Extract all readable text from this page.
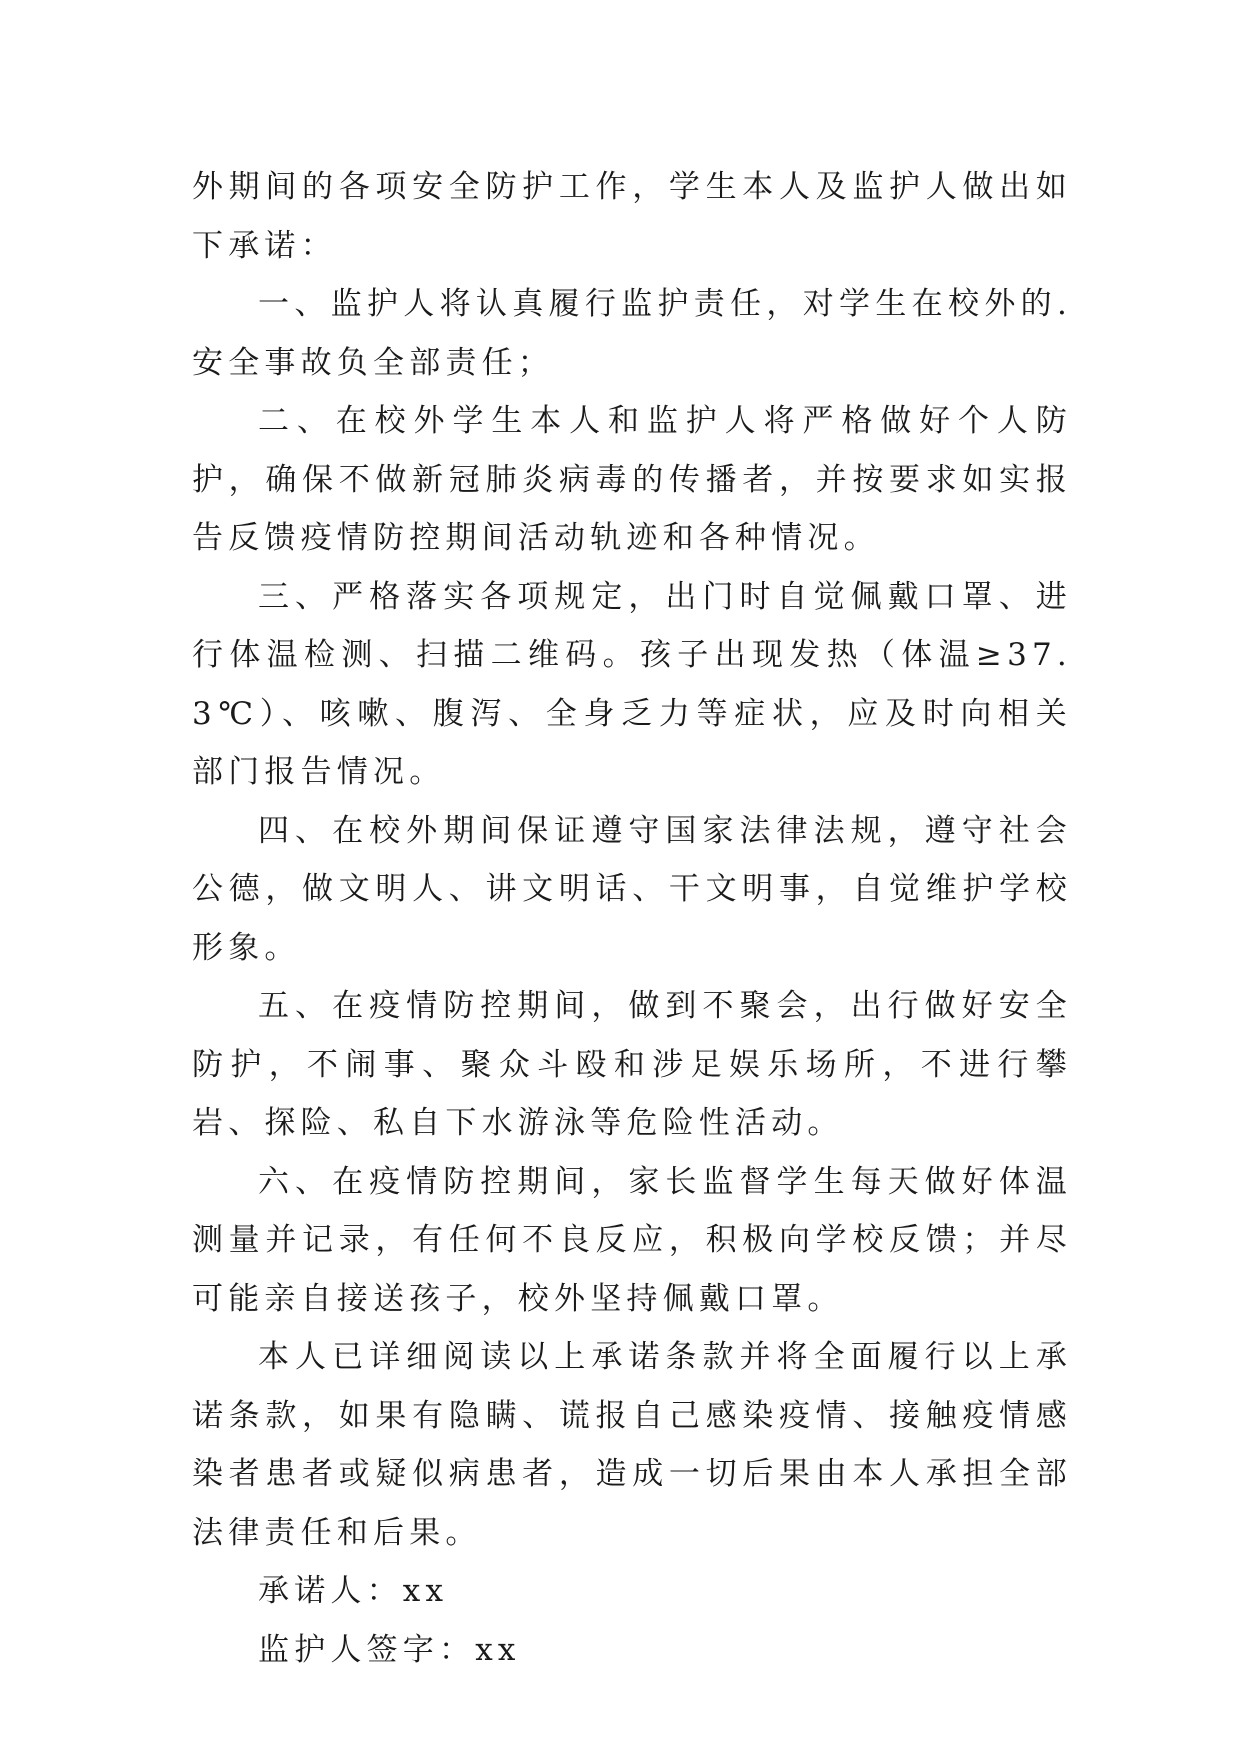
外期间的各项安全防护工作，学生本人及监护人做出如下承诺：

一、监护人将认真履行监护责任，对学生在校外的.安全事故负全部责任；

二、在校外学生本人和监护人将严格做好个人防护，确保不做新冠肺炎病毒的传播者，并按要求如实报告反馈疫情防控期间活动轨迹和各种情况。

三、严格落实各项规定，出门时自觉佩戴口罩、进行体温检测、扫描二维码。孩子出现发热（体温≥37.3℃）、咳嗽、腹泻、全身乏力等症状，应及时向相关部门报告情况。

四、在校外期间保证遵守国家法律法规，遵守社会公德，做文明人、讲文明话、干文明事，自觉维护学校形象。

五、在疫情防控期间，做到不聚会，出行做好安全防护，不闹事、聚众斗殴和涉足娱乐场所，不进行攀岩、探险、私自下水游泳等危险性活动。

六、在疫情防控期间，家长监督学生每天做好体温测量并记录，有任何不良反应，积极向学校反馈；并尽可能亲自接送孩子，校外坚持佩戴口罩。

本人已详细阅读以上承诺条款并将全面履行以上承诺条款，如果有隐瞒、谎报自己感染疫情、接触疫情感染者患者或疑似病患者，造成一切后果由本人承担全部法律责任和后果。

承诺人：xx

监护人签字：xx
